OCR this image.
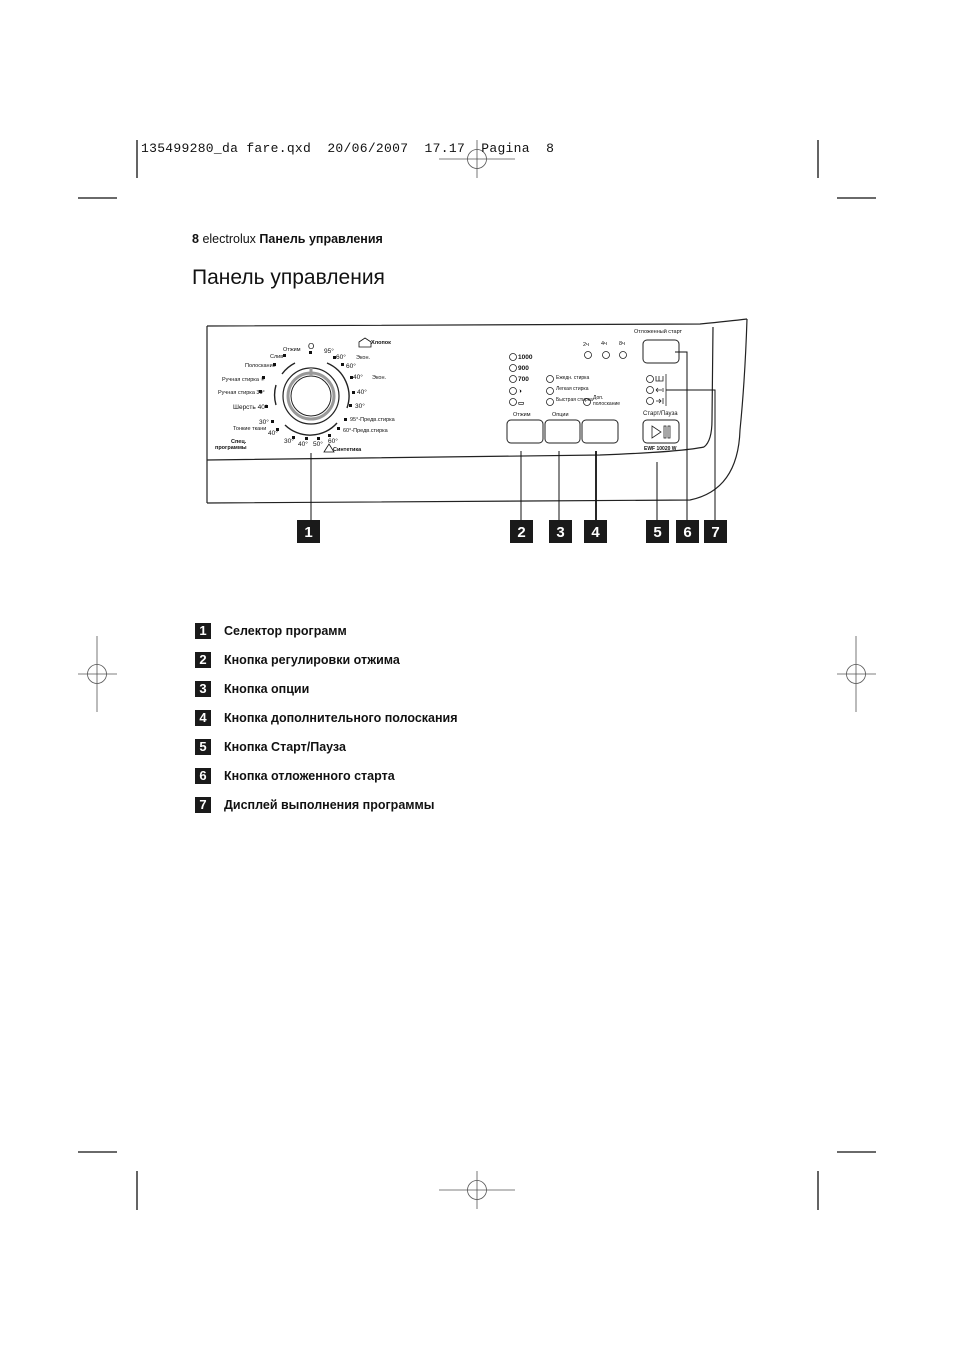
135499280_da fare.qxd  20/06/2007  17.17  Pagina  8
8 electrolux Панель управления
Панель управления
Отжим
Слив
Полоскание
Ручная стирка ✳
Ручная стирка 30°
Шерсть 40°
30°
Тонкие ткани
40°
O
Спец.
программы
Хлопок
95°
60° Экон.
60°
40° Экон.
40°
30°
95°-Предв.стирка
60°-Предв.стирка
30° 40° 50° 60°
Синтетика
1000
900
700
◑
▭
Ежедн. стирка
Легкая стирка
Быстрая стирка Доп.
полоскание
Отжим	Опции
2ч 4ч 8ч
Отложенный старт
Старт/Пауза
EWF 10020 W
1	2 3 4	5 6 7
1	Селектор программ
2	Кнопка регулировки отжима
3	Кнопка опции
4	Кнопка дополнительного полоскания
5	Кнопка Старт/Пауза
6	Кнопка отложенного старта
7	Дисплей выполнения программы
